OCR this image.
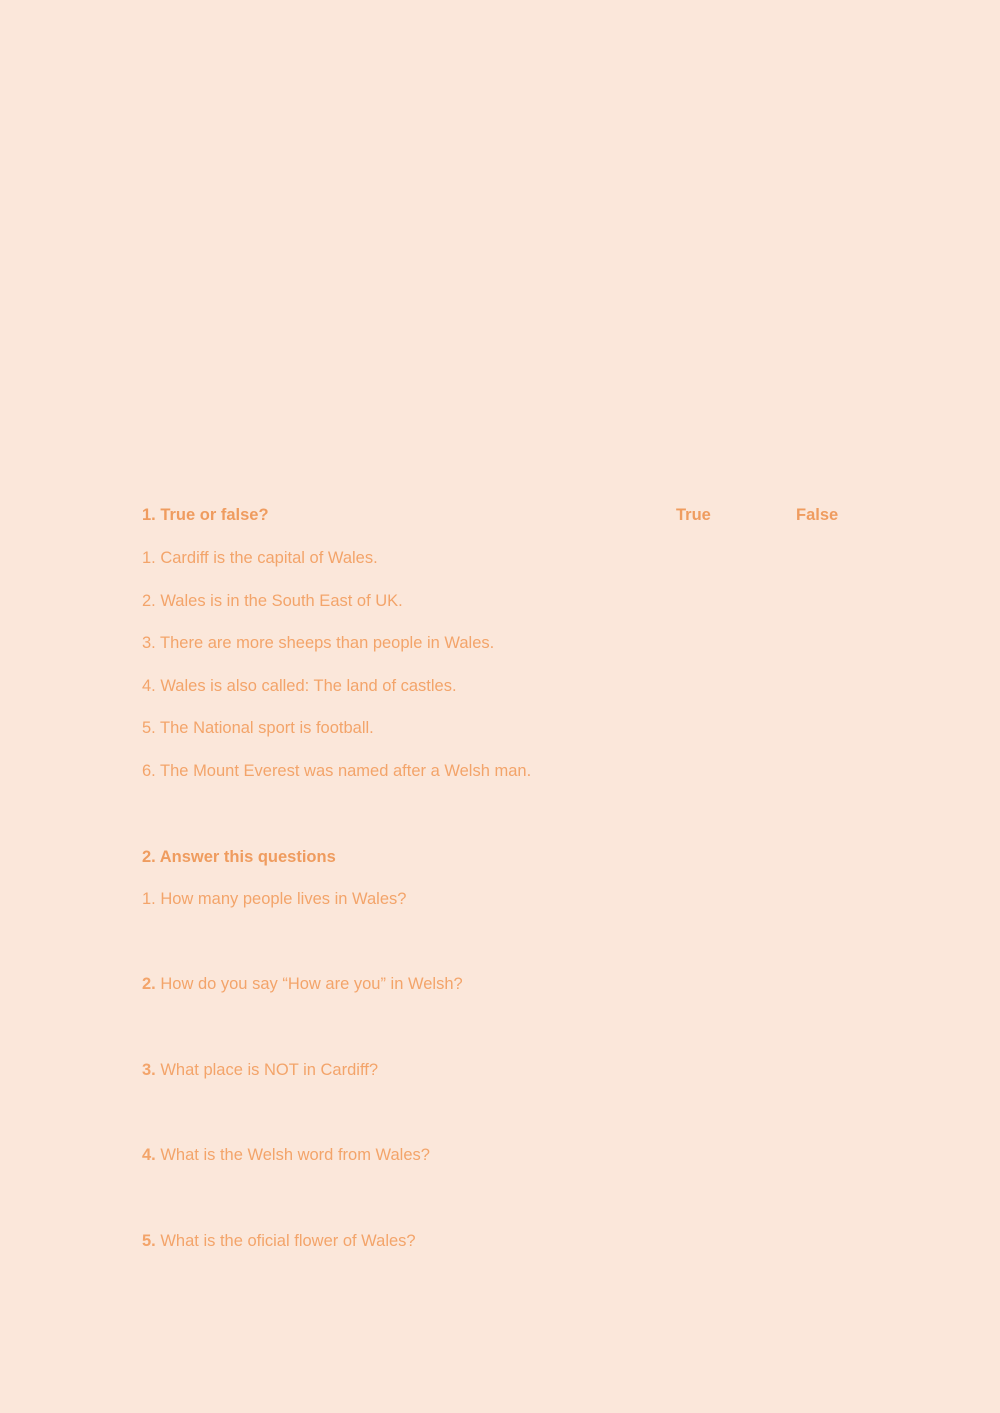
1. True or false?	True	False
1. Cardiff is the capital of Wales.
2. Wales is in the South East of UK.
3. There are more sheeps than people in Wales.
4. Wales is also called: The land of castles.
5. The National sport is football.
6. The Mount Everest was named after a Welsh man.
2. Answer this questions
1. How many people lives in Wales?
2. How do you say “How are you” in Welsh?
3. What place is NOT in Cardiff?
4. What is the Welsh word from Wales?
5. What is the oficial flower of Wales?
